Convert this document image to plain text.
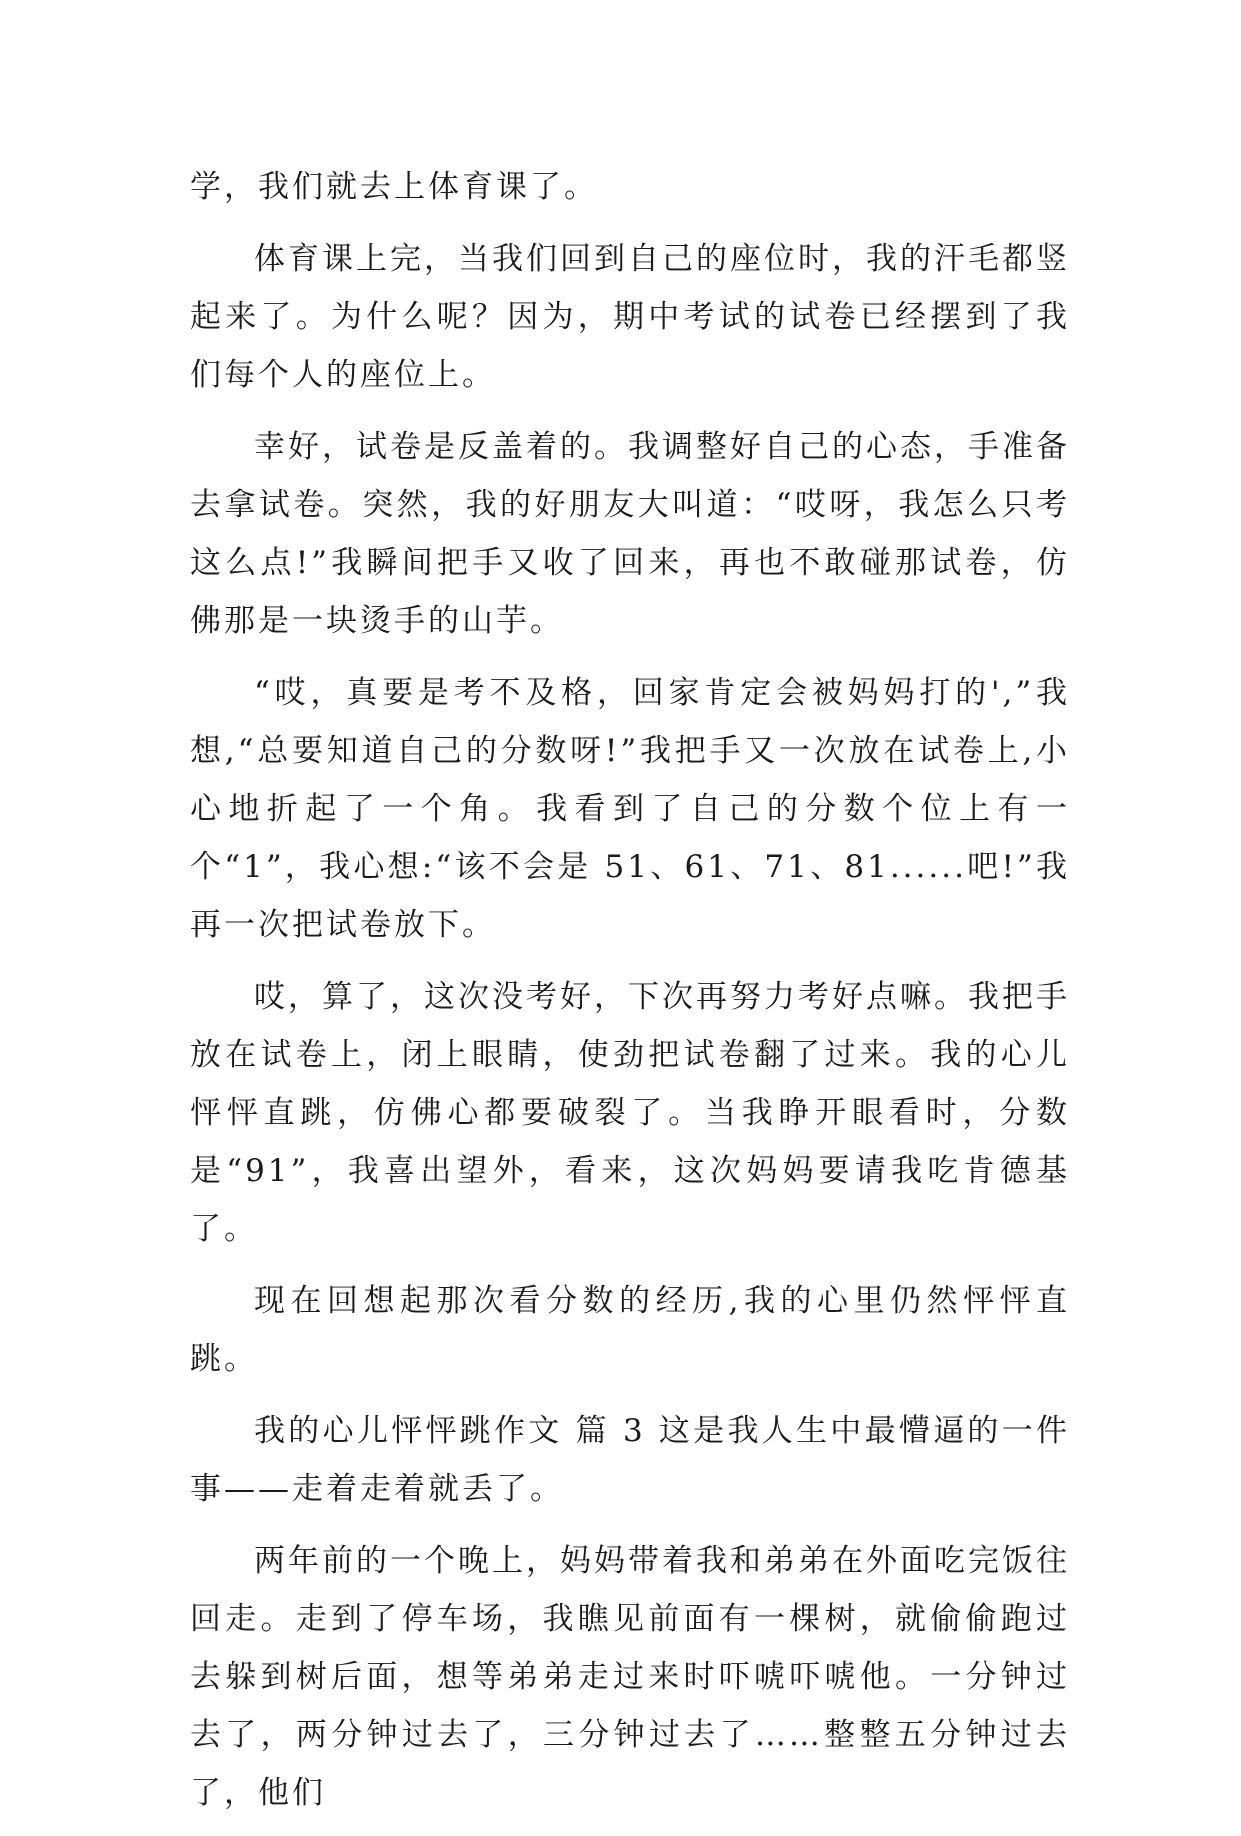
学，我们就去上体育课了。

体育课上完，当我们回到自己的座位时，我的汗毛都竖起来了。为什么呢？因为，期中考试的试卷已经摆到了我们每个人的座位上。

幸好，试卷是反盖着的。我调整好自己的心态，手准备去拿试卷。突然，我的好朋友大叫道：“哎呀，我怎么只考这么点!”我瞬间把手又收了回来，再也不敢碰那试卷，仿佛那是一块烫手的山芋。

“哎，真要是考不及格，回家肯定会被妈妈打的',”我想,“总要知道自己的分数呀!”我把手又一次放在试卷上,小心地折起了一个角。我看到了自己的分数个位上有一个“1”，我心想:“该不会是 51、61、71、81......吧!”我再一次把试卷放下。

哎，算了，这次没考好，下次再努力考好点嘛。我把手放在试卷上，闭上眼睛，使劲把试卷翻了过来。我的心儿怦怦直跳，仿佛心都要破裂了。当我睁开眼看时，分数是“91”，我喜出望外，看来，这次妈妈要请我吃肯德基了。

现在回想起那次看分数的经历,我的心里仍然怦怦直跳。

我的心儿怦怦跳作文 篇 3 这是我人生中最懵逼的一件事——走着走着就丢了。

两年前的一个晚上，妈妈带着我和弟弟在外面吃完饭往回走。走到了停车场，我瞧见前面有一棵树，就偷偷跑过去躲到树后面，想等弟弟走过来时吓唬吓唬他。一分钟过去了，两分钟过去了，三分钟过去了……整整五分钟过去了，他们
